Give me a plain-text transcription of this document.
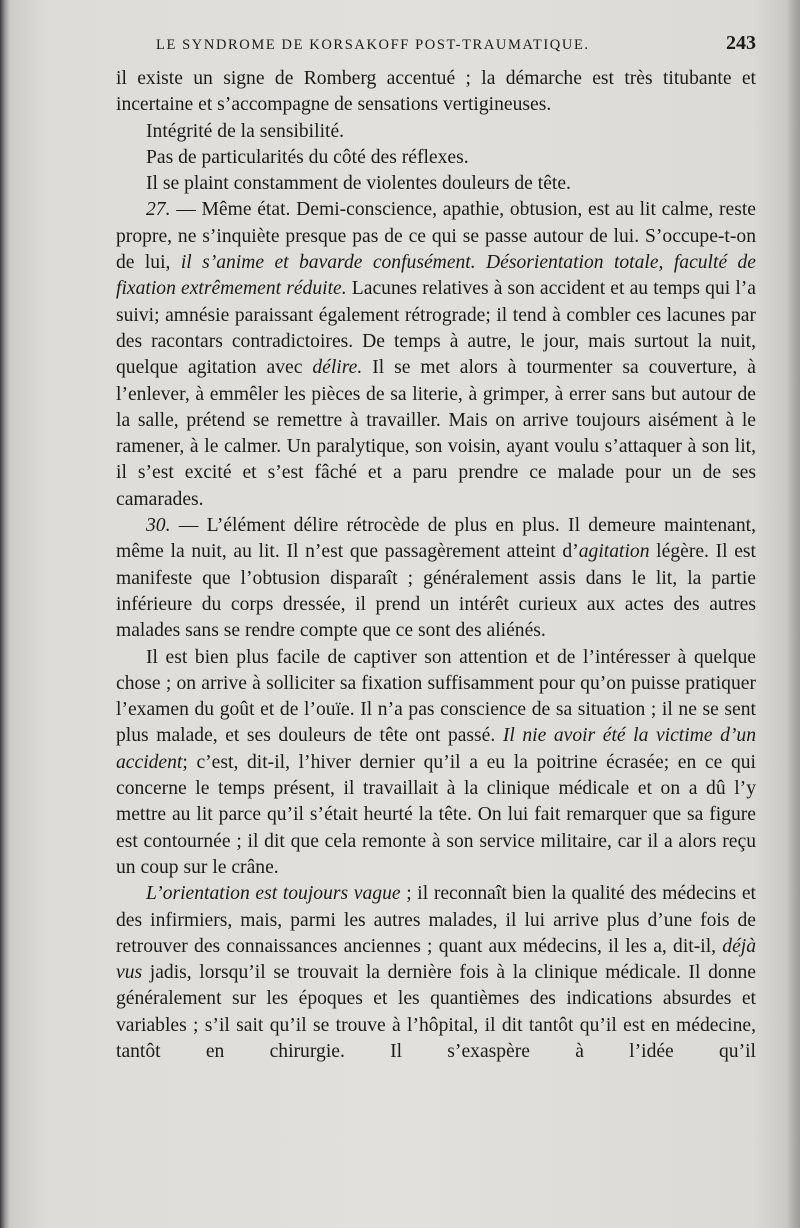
LE SYNDROME DE KORSAKOFF POST-TRAUMATIQUE.	243

il existe un signe de Romberg accentué ; la démarche est très titubante et incertaine et s’accompagne de sensations vertigineuses.

Intégrité de la sensibilité.

Pas de particularités du côté des réflexes.

Il se plaint constamment de violentes douleurs de tête.

27. — Même état. Demi-conscience, apathie, obtusion, est au lit calme, reste propre, ne s’inquiète presque pas de ce qui se passe autour de lui. S’occupe-t-on de lui, il s’anime et bavarde confusément. Désorientation totale, faculté de fixation extrêmement réduite. Lacunes relatives à son accident et au temps qui l’a suivi; amnésie paraissant également rétrograde; il tend à combler ces lacunes par des racontars contradictoires. De temps à autre, le jour, mais surtout la nuit, quelque agitation avec délire. Il se met alors à tourmenter sa couverture, à l’enlever, à emmêler les pièces de sa literie, à grimper, à errer sans but autour de la salle, prétend se remettre à travailler. Mais on arrive toujours aisément à le ramener, à le calmer. Un paralytique, son voisin, ayant voulu s’attaquer à son lit, il s’est excité et s’est fâché et a paru prendre ce malade pour un de ses camarades.

30. — L’élément délire rétrocède de plus en plus. Il demeure maintenant, même la nuit, au lit. Il n’est que passagèrement atteint d’agitation légère. Il est manifeste que l’obtusion disparaît ; généralement assis dans le lit, la partie inférieure du corps dressée, il prend un intérêt curieux aux actes des autres malades sans se rendre compte que ce sont des aliénés.

Il est bien plus facile de captiver son attention et de l’intéresser à quelque chose ; on arrive à solliciter sa fixation suffisamment pour qu’on puisse pratiquer l’examen du goût et de l’ouïe. Il n’a pas conscience de sa situation ; il ne se sent plus malade, et ses douleurs de tête ont passé. Il nie avoir été la victime d’un accident; c’est, dit-il, l’hiver dernier qu’il a eu la poitrine écrasée; en ce qui concerne le temps présent, il travaillait à la clinique médicale et on a dû l’y mettre au lit parce qu’il s’était heurté la tête. On lui fait remarquer que sa figure est contournée ; il dit que cela remonte à son service militaire, car il a alors reçu un coup sur le crâne.

L’orientation est toujours vague ; il reconnaît bien la qualité des médecins et des infirmiers, mais, parmi les autres malades, il lui arrive plus d’une fois de retrouver des connaissances anciennes ; quant aux médecins, il les a, dit-il, déjà vus jadis, lorsqu’il se trouvait la dernière fois à la clinique médicale. Il donne généralement sur les époques et les quantièmes des indications absurdes et variables ; s’il sait qu’il se trouve à l’hôpital, il dit tantôt qu’il est en médecine, tantôt en chirurgie. Il s’exaspère à l’idée qu’il
